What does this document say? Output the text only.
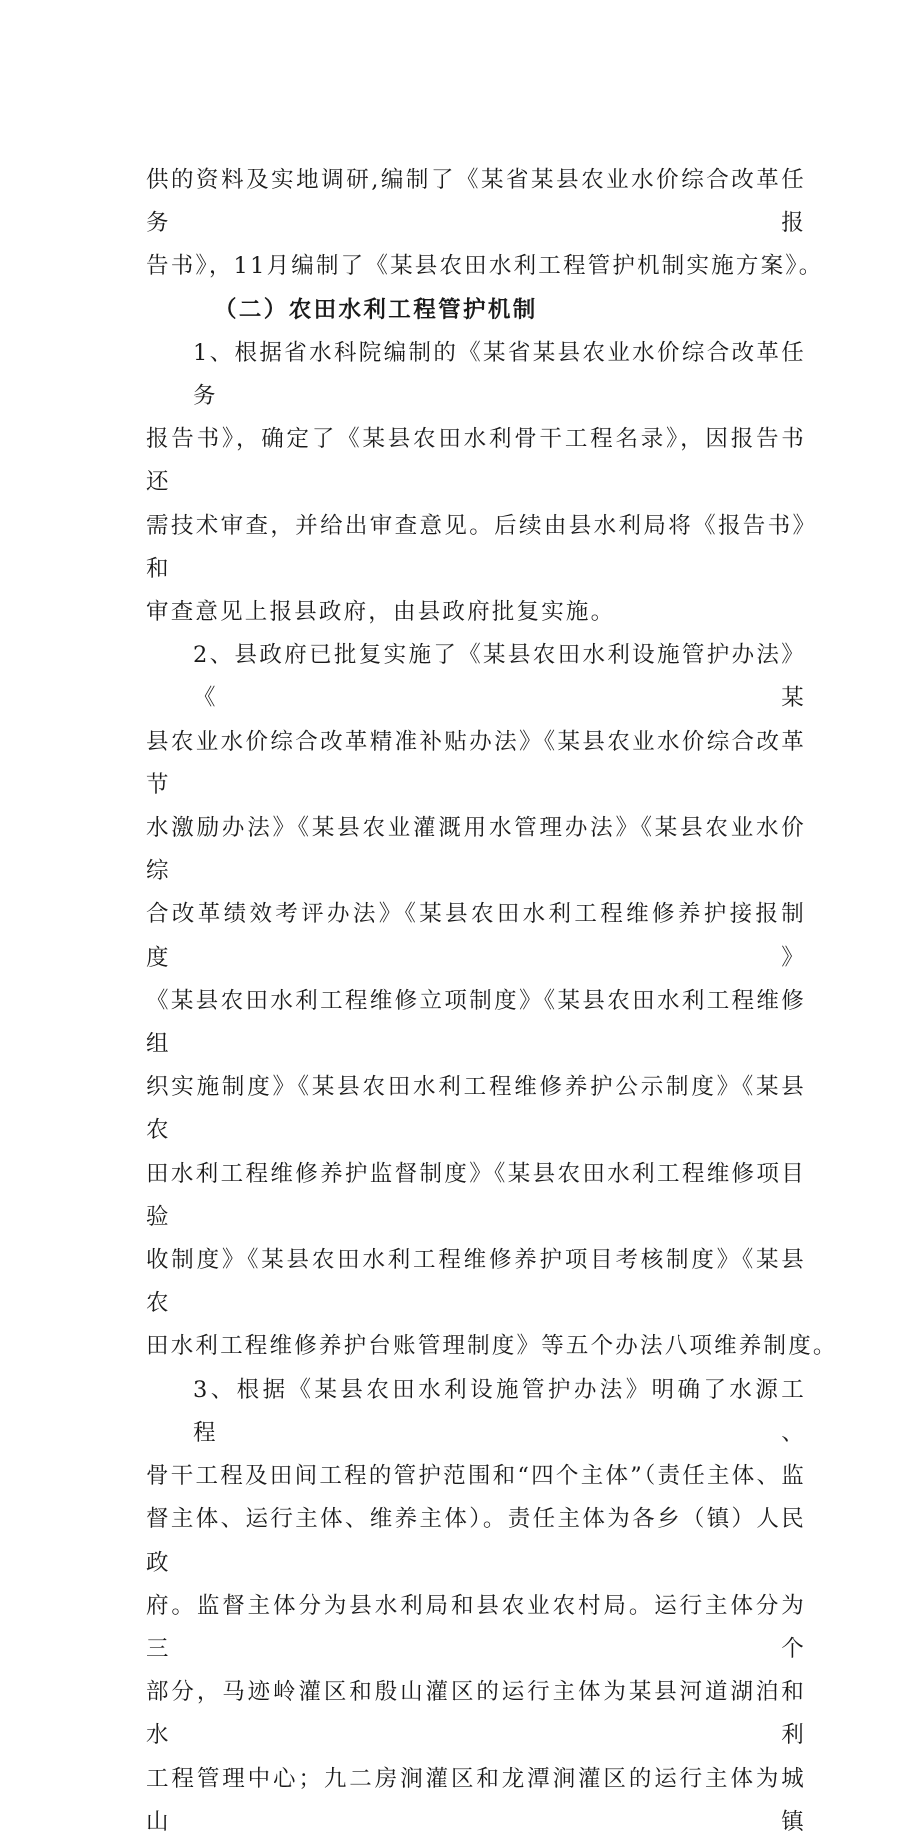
供的资料及实地调研,编制了《某省某县农业水价综合改革任务报
告书》，11月编制了《某县农田水利工程管护机制实施方案》。

（二）农田水利工程管护机制

1、根据省水科院编制的《某省某县农业水价综合改革任务
报告书》，确定了《某县农田水利骨干工程名录》，因报告书还
需技术审查，并给出审查意见。后续由县水利局将《报告书》和
审查意见上报县政府，由县政府批复实施。

2、县政府已批复实施了《某县农田水利设施管护办法》《某
县农业水价综合改革精准补贴办法》《某县农业水价综合改革节
水激励办法》《某县农业灌溉用水管理办法》《某县农业水价综
合改革绩效考评办法》《某县农田水利工程维修养护接报制度》
《某县农田水利工程维修立项制度》《某县农田水利工程维修组
织实施制度》《某县农田水利工程维修养护公示制度》《某县农
田水利工程维修养护监督制度》《某县农田水利工程维修项目验
收制度》《某县农田水利工程维修养护项目考核制度》《某县农
田水利工程维修养护台账管理制度》等五个办法八项维养制度。

3、根据《某县农田水利设施管护办法》明确了水源工程、
骨干工程及田间工程的管护范围和“四个主体”（责任主体、监
督主体、运行主体、维养主体）。责任主体为各乡（镇）人民政
府。监督主体分为县水利局和县农业农村局。运行主体分为三个
部分，马迹岭灌区和殷山灌区的运行主体为某县河道湖泊和水利
工程管理中心；九二房涧灌区和龙潭涧灌区的运行主体为城山镇
